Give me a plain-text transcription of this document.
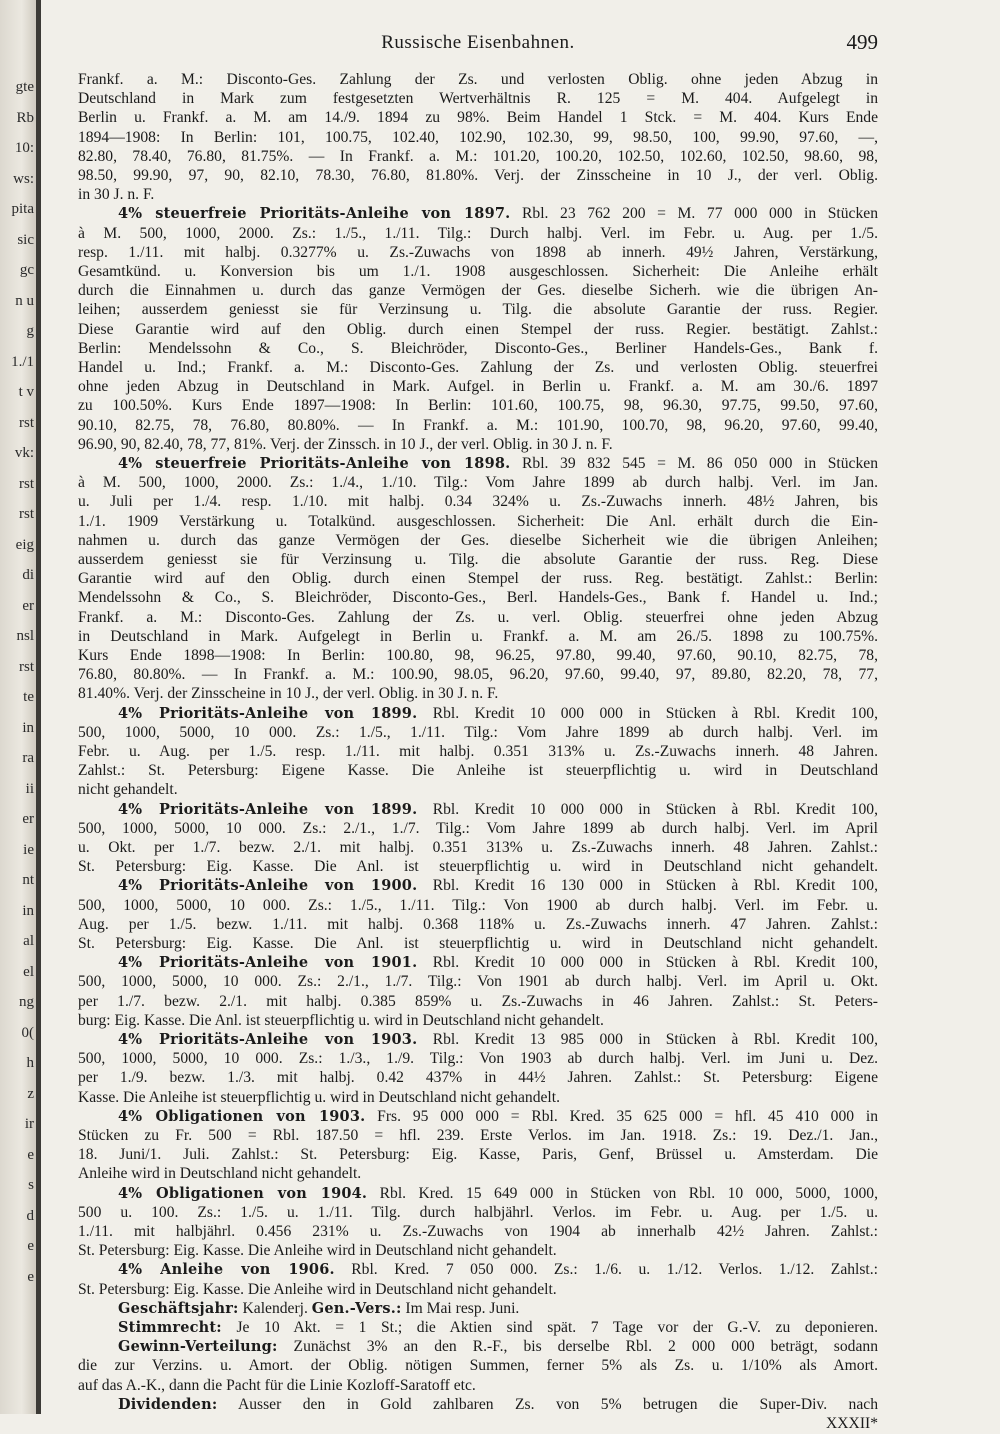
gte
Rb
10:
ws:
pita
sic
gc
n u
g
1./1
t v
rst
vk:
rst
rst
eig
di
er
nsl
rst
te
in
ra
ii
er
ie
nt
in
al
el
ng
0(
h
z
ir
e
s
d
e
e
Russische Eisenbahnen.	499
Frankf. a. M.: Disconto-Ges. Zahlung der Zs. und verlosten Oblig. ohne jeden Abzug in
Deutschland in Mark zum festgesetzten Wertverhältnis R. 125 = M. 404. Aufgelegt in
Berlin u. Frankf. a. M. am 14./9. 1894 zu 98%. Beim Handel 1 Stck. = M. 404. Kurs Ende
1894—1908: In Berlin: 101, 100.75, 102.40, 102.90, 102.30, 99, 98.50, 100, 99.90, 97.60, —,
82.80, 78.40, 76.80, 81.75%. — In Frankf. a. M.: 101.20, 100.20, 102.50, 102.60, 102.50, 98.60, 98,
98.50, 99.90, 97, 90, 82.10, 78.30, 76.80, 81.80%. Verj. der Zinsscheine in 10 J., der verl. Oblig.
in 30 J. n. F.
4% steuerfreie Prioritäts-Anleihe von 1897. Rbl. 23 762 200 = M. 77 000 000 in Stücken
à M. 500, 1000, 2000. Zs.: 1./5., 1./11. Tilg.: Durch halbj. Verl. im Febr. u. Aug. per 1./5.
resp. 1./11. mit halbj. 0.3277% u. Zs.-Zuwachs von 1898 ab innerh. 49½ Jahren, Verstärkung,
Gesamtkünd. u. Konversion bis um 1./1. 1908 ausgeschlossen. Sicherheit: Die Anleihe erhält
durch die Einnahmen u. durch das ganze Vermögen der Ges. dieselbe Sicherh. wie die übrigen An-
leihen; ausserdem geniesst sie für Verzinsung u. Tilg. die absolute Garantie der russ. Regier.
Diese Garantie wird auf den Oblig. durch einen Stempel der russ. Regier. bestätigt. Zahlst.:
Berlin: Mendelssohn & Co., S. Bleichröder, Disconto-Ges., Berliner Handels-Ges., Bank f.
Handel u. Ind.; Frankf. a. M.: Disconto-Ges. Zahlung der Zs. und verlosten Oblig. steuerfrei
ohne jeden Abzug in Deutschland in Mark. Aufgel. in Berlin u. Frankf. a. M. am 30./6. 1897
zu 100.50%. Kurs Ende 1897—1908: In Berlin: 101.60, 100.75, 98, 96.30, 97.75, 99.50, 97.60,
90.10, 82.75, 78, 76.80, 80.80%. — In Frankf. a. M.: 101.90, 100.70, 98, 96.20, 97.60, 99.40,
96.90, 90, 82.40, 78, 77, 81%. Verj. der Zinssch. in 10 J., der verl. Oblig. in 30 J. n. F.
4% steuerfreie Prioritäts-Anleihe von 1898. Rbl. 39 832 545 = M. 86 050 000 in Stücken
à M. 500, 1000, 2000. Zs.: 1./4., 1./10. Tilg.: Vom Jahre 1899 ab durch halbj. Verl. im Jan.
u. Juli per 1./4. resp. 1./10. mit halbj. 0.34 324% u. Zs.-Zuwachs innerh. 48½ Jahren, bis
1./1. 1909 Verstärkung u. Totalkünd. ausgeschlossen. Sicherheit: Die Anl. erhält durch die Ein-
nahmen u. durch das ganze Vermögen der Ges. dieselbe Sicherheit wie die übrigen Anleihen;
ausserdem geniesst sie für Verzinsung u. Tilg. die absolute Garantie der russ. Reg. Diese
Garantie wird auf den Oblig. durch einen Stempel der russ. Reg. bestätigt. Zahlst.: Berlin:
Mendelssohn & Co., S. Bleichröder, Disconto-Ges., Berl. Handels-Ges., Bank f. Handel u. Ind.;
Frankf. a. M.: Disconto-Ges. Zahlung der Zs. u. verl. Oblig. steuerfrei ohne jeden Abzug
in Deutschland in Mark. Aufgelegt in Berlin u. Frankf. a. M. am 26./5. 1898 zu 100.75%.
Kurs Ende 1898—1908: In Berlin: 100.80, 98, 96.25, 97.80, 99.40, 97.60, 90.10, 82.75, 78,
76.80, 80.80%. — In Frankf. a. M.: 100.90, 98.05, 96.20, 97.60, 99.40, 97, 89.80, 82.20, 78, 77,
81.40%. Verj. der Zinsscheine in 10 J., der verl. Oblig. in 30 J. n. F.
4% Prioritäts-Anleihe von 1899. Rbl. Kredit 10 000 000 in Stücken à Rbl. Kredit 100,
500, 1000, 5000, 10 000. Zs.: 1./5., 1./11. Tilg.: Vom Jahre 1899 ab durch halbj. Verl. im
Febr. u. Aug. per 1./5. resp. 1./11. mit halbj. 0.351 313% u. Zs.-Zuwachs innerh. 48 Jahren.
Zahlst.: St. Petersburg: Eigene Kasse. Die Anleihe ist steuerpflichtig u. wird in Deutschland
nicht gehandelt.
4% Prioritäts-Anleihe von 1899. Rbl. Kredit 10 000 000 in Stücken à Rbl. Kredit 100,
500, 1000, 5000, 10 000. Zs.: 2./1., 1./7. Tilg.: Vom Jahre 1899 ab durch halbj. Verl. im April
u. Okt. per 1./7. bezw. 2./1. mit halbj. 0.351 313% u. Zs.-Zuwachs innerh. 48 Jahren. Zahlst.:
St. Petersburg: Eig. Kasse. Die Anl. ist steuerpflichtig u. wird in Deutschland nicht gehandelt.
4% Prioritäts-Anleihe von 1900. Rbl. Kredit 16 130 000 in Stücken à Rbl. Kredit 100,
500, 1000, 5000, 10 000. Zs.: 1./5., 1./11. Tilg.: Von 1900 ab durch halbj. Verl. im Febr. u.
Aug. per 1./5. bezw. 1./11. mit halbj. 0.368 118% u. Zs.-Zuwachs innerh. 47 Jahren. Zahlst.:
St. Petersburg: Eig. Kasse. Die Anl. ist steuerpflichtig u. wird in Deutschland nicht gehandelt.
4% Prioritäts-Anleihe von 1901. Rbl. Kredit 10 000 000 in Stücken à Rbl. Kredit 100,
500, 1000, 5000, 10 000. Zs.: 2./1., 1./7. Tilg.: Von 1901 ab durch halbj. Verl. im April u. Okt.
per 1./7. bezw. 2./1. mit halbj. 0.385 859% u. Zs.-Zuwachs in 46 Jahren. Zahlst.: St. Peters-
burg: Eig. Kasse. Die Anl. ist steuerpflichtig u. wird in Deutschland nicht gehandelt.
4% Prioritäts-Anleihe von 1903. Rbl. Kredit 13 985 000 in Stücken à Rbl. Kredit 100,
500, 1000, 5000, 10 000. Zs.: 1./3., 1./9. Tilg.: Von 1903 ab durch halbj. Verl. im Juni u. Dez.
per 1./9. bezw. 1./3. mit halbj. 0.42 437% in 44½ Jahren. Zahlst.: St. Petersburg: Eigene
Kasse. Die Anleihe ist steuerpflichtig u. wird in Deutschland nicht gehandelt.
4% Obligationen von 1903. Frs. 95 000 000 = Rbl. Kred. 35 625 000 = hfl. 45 410 000 in
Stücken zu Fr. 500 = Rbl. 187.50 = hfl. 239. Erste Verlos. im Jan. 1918. Zs.: 19. Dez./1. Jan.,
18. Juni/1. Juli. Zahlst.: St. Petersburg: Eig. Kasse, Paris, Genf, Brüssel u. Amsterdam. Die
Anleihe wird in Deutschland nicht gehandelt.
4% Obligationen von 1904. Rbl. Kred. 15 649 000 in Stücken von Rbl. 10 000, 5000, 1000,
500 u. 100. Zs.: 1./5. u. 1./11. Tilg. durch halbjährl. Verlos. im Febr. u. Aug. per 1./5. u.
1./11. mit halbjährl. 0.456 231% u. Zs.-Zuwachs von 1904 ab innerhalb 42½ Jahren. Zahlst.:
St. Petersburg: Eig. Kasse. Die Anleihe wird in Deutschland nicht gehandelt.
4% Anleihe von 1906. Rbl. Kred. 7 050 000. Zs.: 1./6. u. 1./12. Verlos. 1./12. Zahlst.:
St. Petersburg: Eig. Kasse. Die Anleihe wird in Deutschland nicht gehandelt.
Geschäftsjahr: Kalenderj. Gen.-Vers.: Im Mai resp. Juni.
Stimmrecht: Je 10 Akt. = 1 St.; die Aktien sind spät. 7 Tage vor der G.-V. zu deponieren.
Gewinn-Verteilung: Zunächst 3% an den R.-F., bis derselbe Rbl. 2 000 000 beträgt, sodann
die zur Verzins. u. Amort. der Oblig. nötigen Summen, ferner 5% als Zs. u. 1/10% als Amort.
auf das A.-K., dann die Pacht für die Linie Kozloff-Saratoff etc.
Dividenden: Ausser den in Gold zahlbaren Zs. von 5% betrugen die Super-Div. nach
XXXII*
